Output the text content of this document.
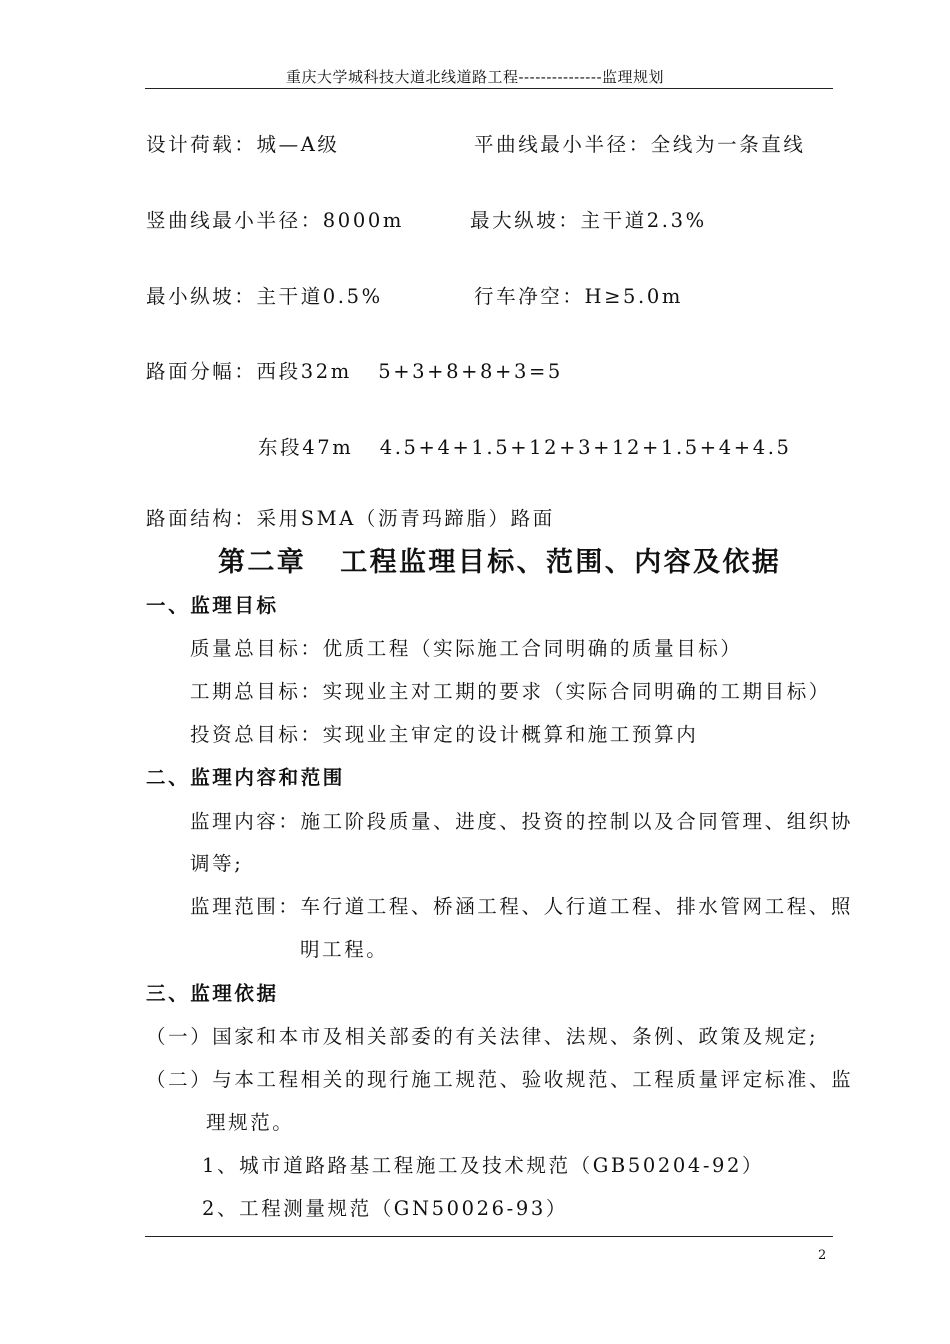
重庆大学城科技大道北线道路工程---------------监理规划
设计荷载：城—A级	平曲线最小半径：全线为一条直线
竖曲线最小半径：8000m	最大纵坡：主干道2.3%
最小纵坡：主干道0.5%	行车净空：H≥5.0m
路面分幅：西段32m   5+3+8+8+3=5
东段47m   4.5+4+1.5+12+3+12+1.5+4+4.5
路面结构：采用SMA（沥青玛蹄脂）路面
第二章 工程监理目标、范围、内容及依据
一、监理目标
质量总目标：优质工程（实际施工合同明确的质量目标）
工期总目标：实现业主对工期的要求（实际合同明确的工期目标）
投资总目标：实现业主审定的设计概算和施工预算内
二、监理内容和范围
监理内容：施工阶段质量、进度、投资的控制以及合同管理、组织协
调等;
监理范围：车行道工程、桥涵工程、人行道工程、排水管网工程、照
明工程。
三、监理依据
（一）国家和本市及相关部委的有关法律、法规、条例、政策及规定;
（二）与本工程相关的现行施工规范、验收规范、工程质量评定标准、监
理规范。
1、城市道路路基工程施工及技术规范（GB50204-92）
2、工程测量规范（GN50026-93）
2
